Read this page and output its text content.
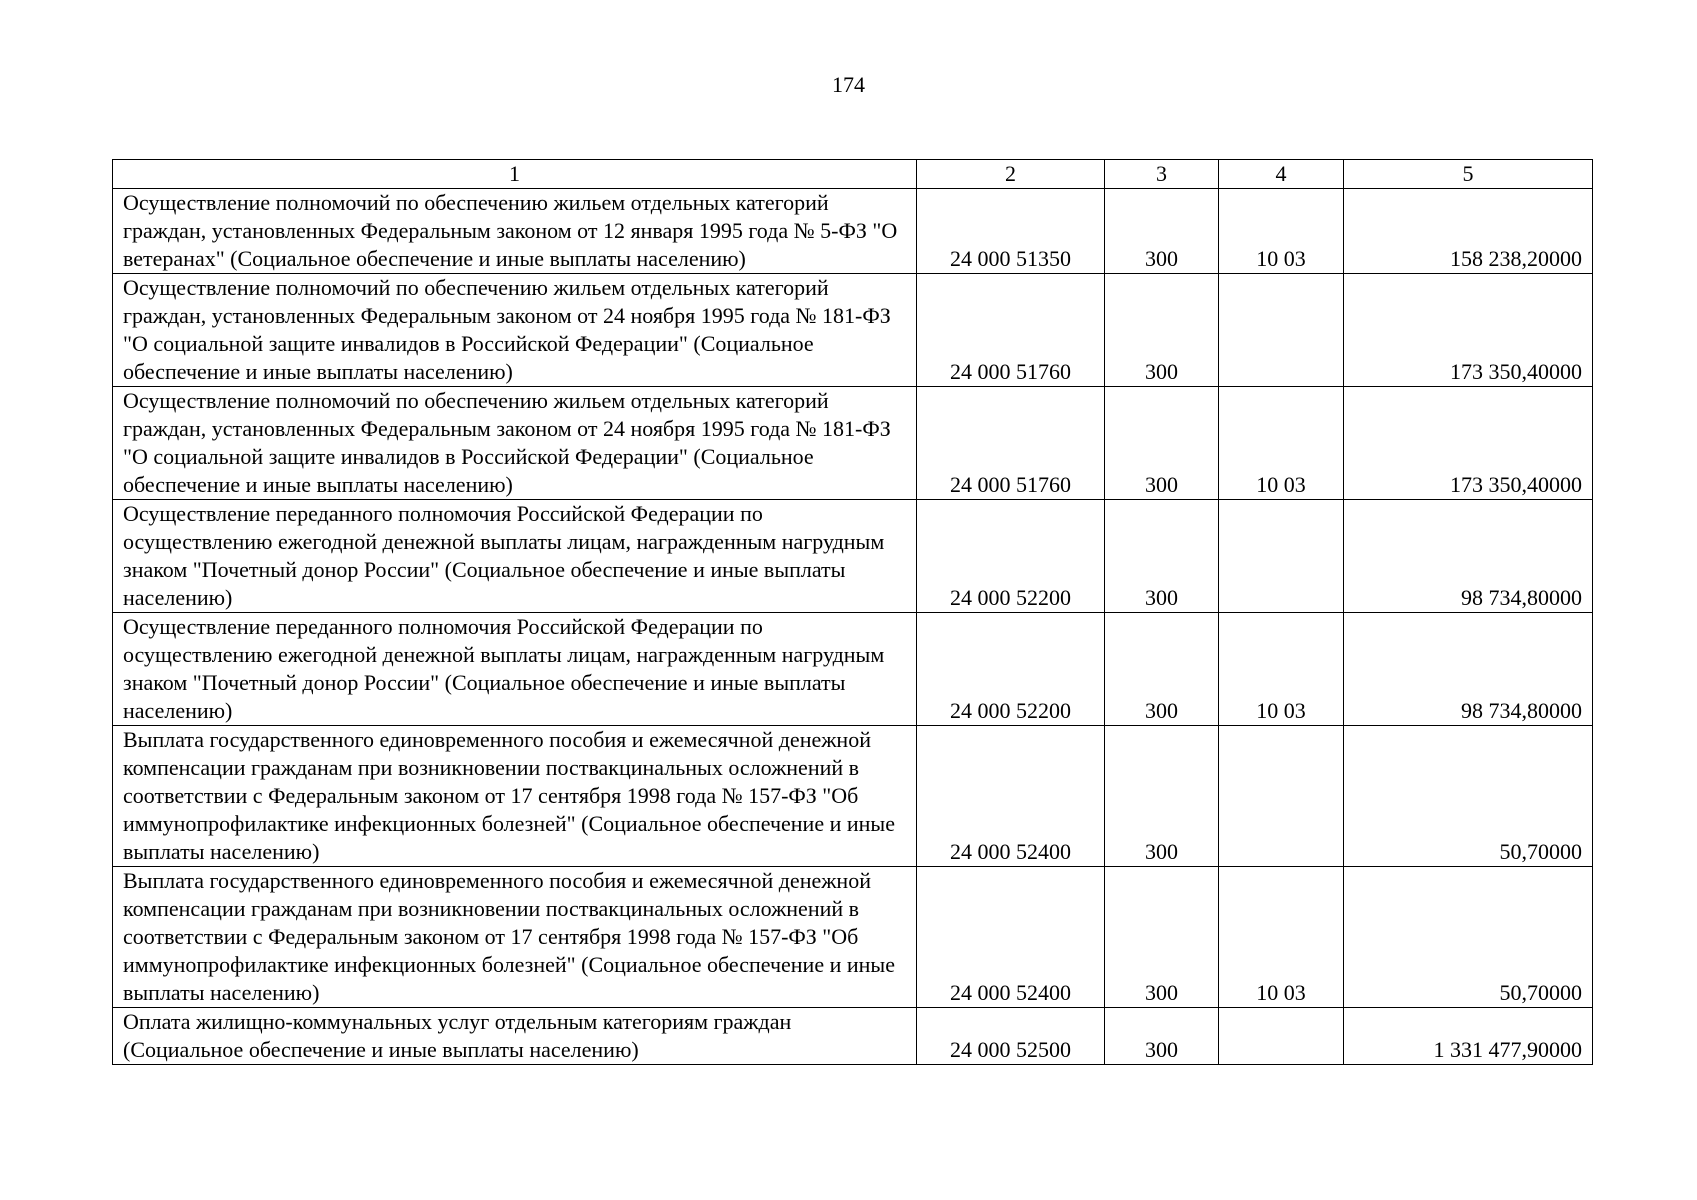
174
1	2	3	4	5
Осуществление полномочий по обеспечению жильем отдельных категорий граждан, установленных Федеральным законом от 12 января 1995 года № 5-ФЗ "О ветеранах" (Социальное обеспечение и иные выплаты населению)	24 000 51350	300	10 03	158 238,20000
Осуществление полномочий по обеспечению жильем отдельных категорий граждан, установленных Федеральным законом от 24 ноября 1995 года № 181-ФЗ "О социальной защите инвалидов в Российской Федерации" (Социальное обеспечение и иные выплаты населению)	24 000 51760	300		173 350,40000
Осуществление полномочий по обеспечению жильем отдельных категорий граждан, установленных Федеральным законом от 24 ноября 1995 года № 181-ФЗ "О социальной защите инвалидов в Российской Федерации" (Социальное обеспечение и иные выплаты населению)	24 000 51760	300	10 03	173 350,40000
Осуществление переданного полномочия Российской Федерации по осуществлению ежегодной денежной выплаты лицам, награжденным нагрудным знаком "Почетный донор России" (Социальное обеспечение и иные выплаты населению)	24 000 52200	300		98 734,80000
Осуществление переданного полномочия Российской Федерации по осуществлению ежегодной денежной выплаты лицам, награжденным нагрудным знаком "Почетный донор России" (Социальное обеспечение и иные выплаты населению)	24 000 52200	300	10 03	98 734,80000
Выплата государственного единовременного пособия и ежемесячной денежной компенсации гражданам при возникновении поствакцинальных осложнений в соответствии с Федеральным законом от 17 сентября 1998 года № 157-ФЗ "Об иммунопрофилактике инфекционных болезней" (Социальное обеспечение и иные выплаты населению)	24 000 52400	300		50,70000
Выплата государственного единовременного пособия и ежемесячной денежной компенсации гражданам при возникновении поствакцинальных осложнений в соответствии с Федеральным законом от 17 сентября 1998 года № 157-ФЗ "Об иммунопрофилактике инфекционных болезней" (Социальное обеспечение и иные выплаты населению)	24 000 52400	300	10 03	50,70000
Оплата жилищно-коммунальных услуг отдельным категориям граждан (Социальное обеспечение и иные выплаты населению)	24 000 52500	300		1 331 477,90000
